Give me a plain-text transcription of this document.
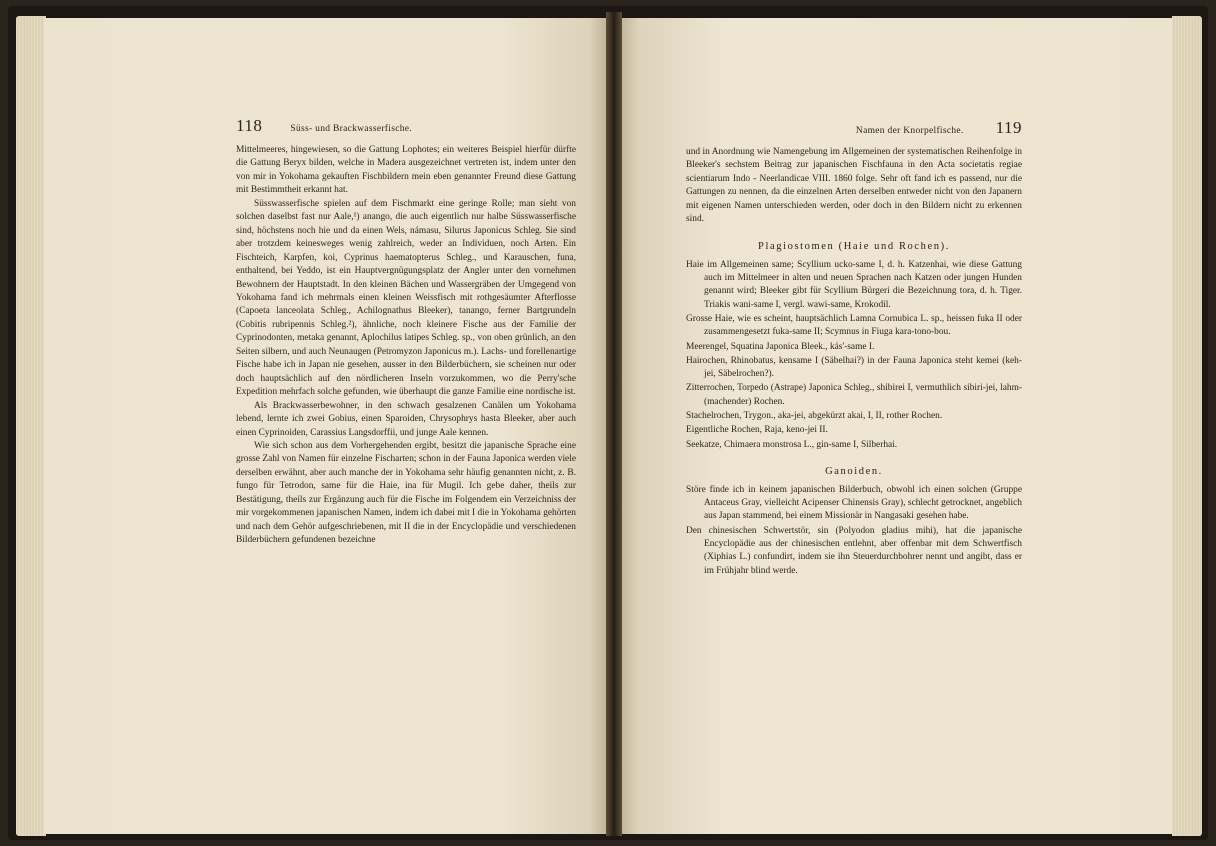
118	Süss- und Brackwasserfische.

Mittelmeeres, hingewiesen, so die Gattung Lophotes; ein weiteres Beispiel hierfür dürfte die Gattung Beryx bilden, welche in Madera ausgezeichnet vertreten ist, indem unter den von mir in Yokohama gekauften Fischbildern mein eben genannter Freund diese Gattung mit Bestimmtheit erkannt hat.

Süsswasserfische spielen auf dem Fischmarkt eine geringe Rolle; man sieht von solchen daselbst fast nur Aale,¹) anango, die auch eigentlich nur halbe Süsswasserfische sind, höchstens noch hie und da einen Wels, námasu, Silurus Japonicus Schleg. Sie sind aber trotzdem keinesweges wenig zahlreich, weder an Individuen, noch Arten. Ein Fischteich, Karpfen, koi, Cyprinus haematopterus Schleg., und Karauschen, funa, enthaltend, bei Yeddo, ist ein Hauptvergnügungsplatz der Angler unter den vornehmen Bewohnern der Hauptstadt. In den kleinen Bächen und Wassergräben der Umgegend von Yokohama fand ich mehrmals einen kleinen Weissfisch mit rothgesäumter Afterflosse (Capoeta lanceolata Schleg., Achilognathus Bleeker), tanango, ferner Bartgrundeln (Cobitis rubripennis Schleg.²), ähnliche, noch kleinere Fische aus der Familie der Cyprinodonten, metaka genannt, Aplochilus latipes Schleg. sp., von oben grünlich, an den Seiten silbern, und auch Neunaugen (Petromyzon Japonicus m.). Lachs- und forellenartige Fische habe ich in Japan nie gesehen, ausser in den Bilderbüchern, sie scheinen nur oder doch hauptsächlich auf den nördlicheren Inseln vorzukommen, wo die Perry'sche Expedition mehrfach solche gefunden, wie überhaupt die ganze Familie eine nordische ist.

Als Brackwasserbewohner, in den schwach gesalzenen Canälen um Yokohama lebend, lernte ich zwei Gobius, einen Sparoiden, Chrysophrys hasta Bleeker, aber auch einen Cyprinoiden, Carassius Langsdorffii, und junge Aale kennen.

Wie sich schon aus dem Vorhergehenden ergibt, besitzt die japanische Sprache eine grosse Zahl von Namen für einzelne Fischarten; schon in der Fauna Japonica werden viele derselben erwähnt, aber auch manche der in Yokohama sehr häufig genannten nicht, z. B. fungo für Tetrodon, same für die Haie, ina für Mugil. Ich gebe daher, theils zur Bestätigung, theils zur Ergänzung auch für die Fische im Folgendem ein Verzeichniss der mir vorgekommenen japanischen Namen, indem ich dabei mit I die in Yokohama gehörten und nach dem Gehör aufgeschriebenen, mit II die in der Encyclopädie und verschiedenen Bilderbüchern gefundenen bezeichne

Namen der Knorpelfische. 119

und in Anordnung wie Namengebung im Allgemeinen der systematischen Reihenfolge in Bleeker's sechstem Beitrag zur japanischen Fischfauna in den Acta societatis regiae scientiarum Indo - Neerlandicae VIII. 1860 folge. Sehr oft fand ich es passend, nur die Gattungen zu nennen, da die einzelnen Arten derselben entweder nicht von den Japanern mit eigenen Namen unterschieden werden, oder doch in den Bildern nicht zu erkennen sind.

Plagiostomen (Haie und Rochen).

Haie im Allgemeinen same; Scyllium ucko-same I, d. h. Katzenhai, wie diese Gattung auch im Mittelmeer in alten und neuen Sprachen nach Katzen oder jungen Hunden genannt wird; Bleeker gibt für Scyllium Bürgeri die Bezeichnung tora, d. h. Tiger. Triakis wani-same I, vergl. wawi-same, Krokodil.

Grosse Haie, wie es scheint, hauptsächlich Lamna Cornubica L. sp., heissen fuka II oder zusammengesetzt fuka-same II; Scymnus in Fiuga kara-tono-bou.

Meerengel, Squatina Japonica Bleek., kás'-same I.

Hairochen, Rhinobatus, kensame I (Säbelhai?) in der Fauna Japonica steht kemei (keh-jei, Säbelrochen?).

Zitterrochen, Torpedo (Astrape) Japonica Schleg., shibirei I, vermuthlich sibiri-jei, lahm- (machender) Rochen.

Stachelrochen, Trygon., aka-jei, abgekürzt akai, I, II, rother Rochen.

Eigentliche Rochen, Raja, keno-jei II.

Seekatze, Chimaera monstrosa L., gin-same I, Silberhai.

Ganoiden.

Störe finde ich in keinem japanischen Bilderbuch, obwohl ich einen solchen (Gruppe Antaceus Gray, vielleicht Acipenser Chinensis Gray), schlecht getrocknet, angeblich aus Japan stammend, bei einem Missionär in Nangasaki gesehen habe.

Den chinesischen Schwertstör, sin (Polyodon gladius mihi), hat die japanische Encyclopädie aus der chinesischen entlehnt, aber offenbar mit dem Schwertfisch (Xiphias L.) confundirt, indem sie ihn Steuerdurchbohrer nennt und angibt, dass er im Frühjahr blind werde.
